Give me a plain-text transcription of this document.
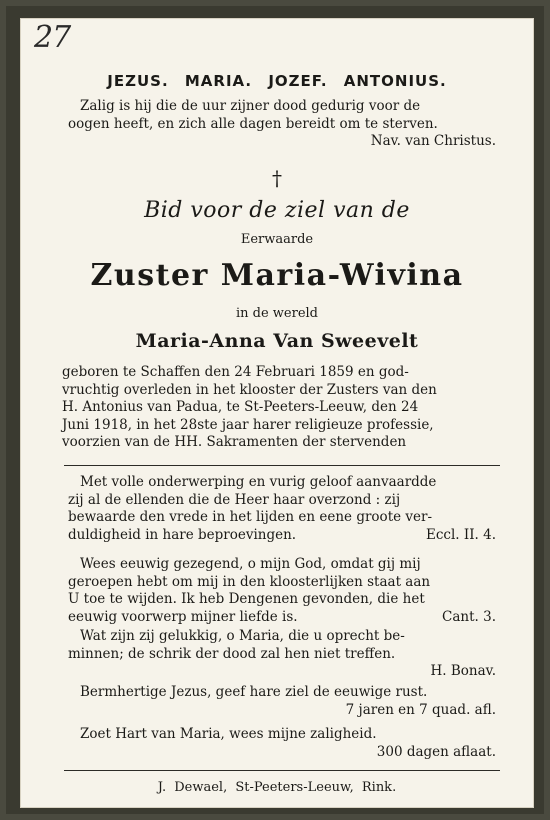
27
JEZUS. MARIA. JOZEF. ANTONIUS.
Zalig is hij die de uur zijner dood gedurig voor de
oogen heeft, en zich alle dagen bereidt om te sterven.
Nav. van Christus.
†
Bid voor de ziel van de
Eerwaarde
Zuster Maria-Wivina
in de wereld
Maria-Anna Van Sweevelt
geboren te Schaffen den 24 Februari 1859 en god-
vruchtig overleden in het klooster der Zusters van den
H. Antonius van Padua, te St-Peeters-Leeuw, den 24
Juni 1918, in het 28ste jaar harer religieuze professie,
voorzien van de HH. Sakramenten der stervenden
Met volle onderwerping en vurig geloof aanvaardde
zij al de ellenden die de Heer haar overzond : zij
bewaarde den vrede in het lijden en eene groote ver-
duldigheid in hare beproevingen.	Eccl. II. 4.
Wees eeuwig gezegend, o mijn God, omdat gij mij
geroepen hebt om mij in den kloosterlijken staat aan
U toe te wijden. Ik heb Dengenen gevonden, die het
eeuwig voorwerp mijner liefde is.	Cant. 3.
Wat zijn zij gelukkig, o Maria, die u oprecht be-
minnen; de schrik der dood zal hen niet treffen.
H. Bonav.
Bermhertige Jezus, geef hare ziel de eeuwige rust.
7 jaren en 7 quad. afl.
Zoet Hart van Maria, wees mijne zaligheid.
300 dagen aflaat.
J. Dewael, St-Peeters-Leeuw, Rink.
